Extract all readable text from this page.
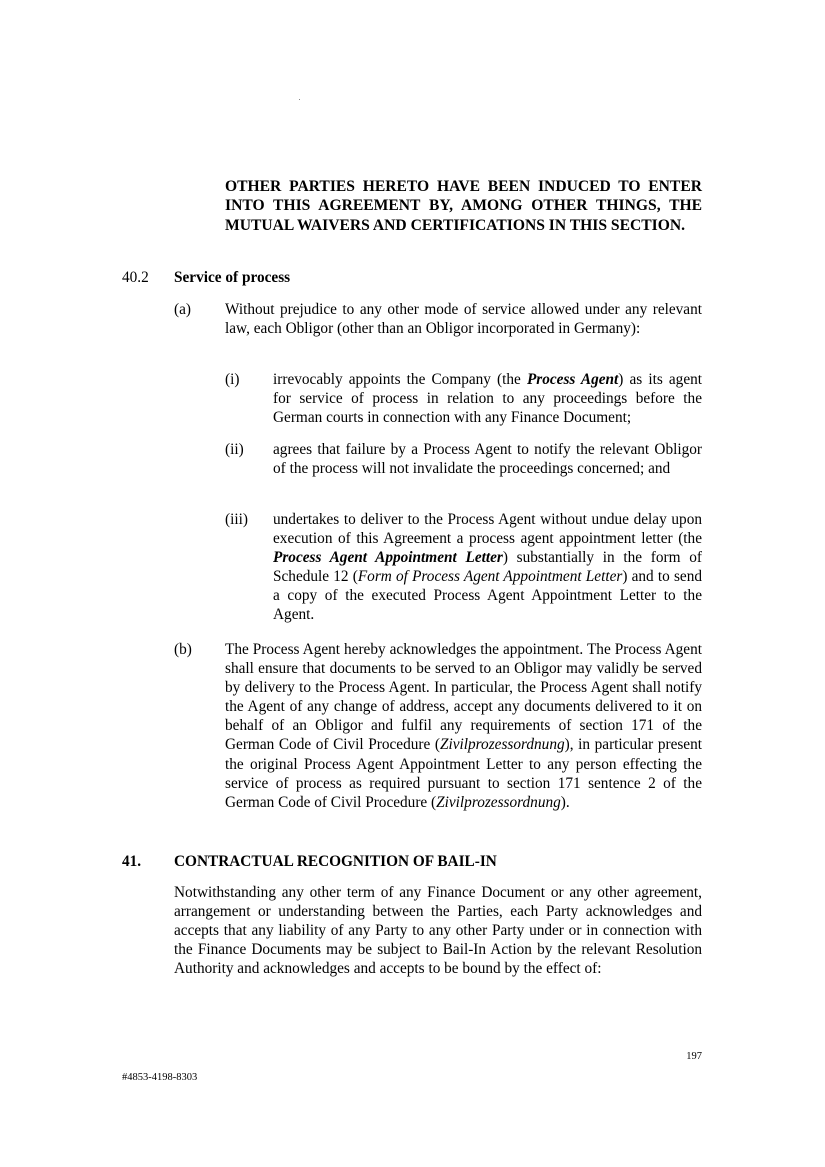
OTHER PARTIES HERETO HAVE BEEN INDUCED TO ENTER INTO THIS AGREEMENT BY, AMONG OTHER THINGS, THE MUTUAL WAIVERS AND CERTIFICATIONS IN THIS SECTION.

40.2 Service of process

(a) Without prejudice to any other mode of service allowed under any relevant law, each Obligor (other than an Obligor incorporated in Germany):

(i) irrevocably appoints the Company (the Process Agent) as its agent for service of process in relation to any proceedings before the German courts in connection with any Finance Document;

(ii) agrees that failure by a Process Agent to notify the relevant Obligor of the process will not invalidate the proceedings concerned; and

(iii) undertakes to deliver to the Process Agent without undue delay upon execution of this Agreement a process agent appointment letter (the Process Agent Appointment Letter) substantially in the form of Schedule 12 (Form of Process Agent Appointment Letter) and to send a copy of the executed Process Agent Appointment Letter to the Agent.

(b) The Process Agent hereby acknowledges the appointment. The Process Agent shall ensure that documents to be served to an Obligor may validly be served by delivery to the Process Agent. In particular, the Process Agent shall notify the Agent of any change of address, accept any documents delivered to it on behalf of an Obligor and fulfil any requirements of section 171 of the German Code of Civil Procedure (Zivilprozessordnung), in particular present the original Process Agent Appointment Letter to any person effecting the service of process as required pursuant to section 171 sentence 2 of the German Code of Civil Procedure (Zivilprozessordnung).

41. CONTRACTUAL RECOGNITION OF BAIL-IN

Notwithstanding any other term of any Finance Document or any other agreement, arrangement or understanding between the Parties, each Party acknowledges and accepts that any liability of any Party to any other Party under or in connection with the Finance Documents may be subject to Bail-In Action by the relevant Resolution Authority and acknowledges and accepts to be bound by the effect of:

197

#4853-4198-8303
